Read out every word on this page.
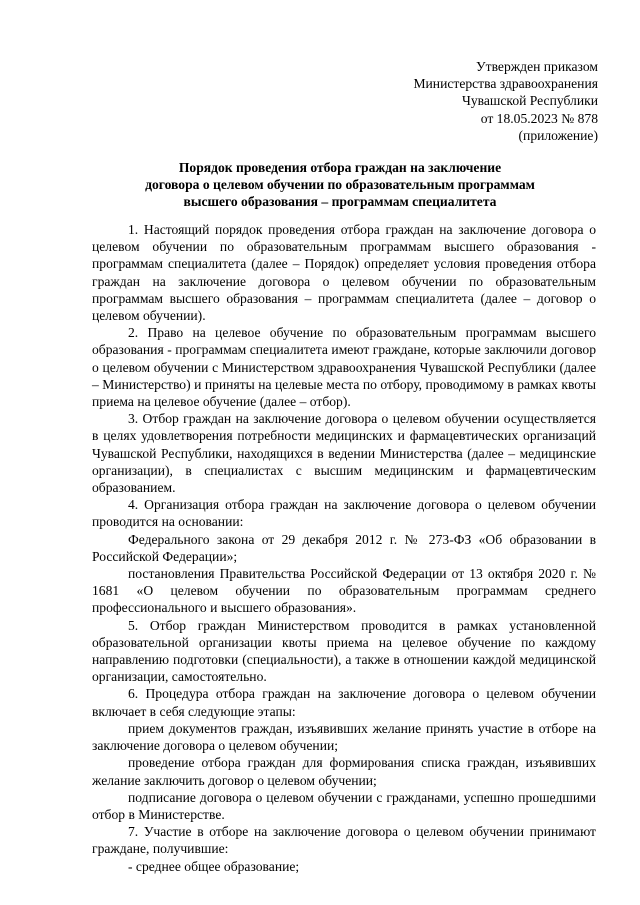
Утвержден приказом
Министерства здравоохранения
Чувашской Республики
от 18.05.2023 № 878
(приложение)
Порядок проведения отбора граждан на заключение
договора о целевом обучении по образовательным программам
высшего образования – программам специалитета

1. Настоящий порядок проведения отбора граждан на заключение договора о целевом обучении по образовательным программам высшего образования - программам специалитета (далее – Порядок) определяет условия проведения отбора граждан на заключение договора о целевом обучении по образовательным программам высшего образования – программам специалитета (далее – договор о целевом обучении).

2. Право на целевое обучение по образовательным программам высшего образования - программам специалитета имеют граждане, которые заключили договор о целевом обучении с Министерством здравоохранения Чувашской Республики (далее – Министерство) и приняты на целевые места по отбору, проводимому в рамках квоты приема на целевое обучение (далее – отбор).

3. Отбор граждан на заключение договора о целевом обучении осуществляется в целях удовлетворения потребности медицинских и фармацевтических организаций Чувашской Республики, находящихся в ведении Министерства (далее – медицинские организации), в специалистах с высшим медицинским и фармацевтическим образованием.

4. Организация отбора граждан на заключение договора о целевом обучении проводится на основании:

Федерального закона от 29 декабря 2012 г. № 273-ФЗ «Об образовании в Российской Федерации»;

постановления Правительства Российской Федерации от 13 октября 2020 г. № 1681 «О целевом обучении по образовательным программам среднего профессионального и высшего образования».

5. Отбор граждан Министерством проводится в рамках установленной образовательной организации квоты приема на целевое обучение по каждому направлению подготовки (специальности), а также в отношении каждой медицинской организации, самостоятельно.

6. Процедура отбора граждан на заключение договора о целевом обучении включает в себя следующие этапы:

прием документов граждан, изъявивших желание принять участие в отборе на заключение договора о целевом обучении;

проведение отбора граждан для формирования списка граждан, изъявивших желание заключить договор о целевом обучении;

подписание договора о целевом обучении с гражданами, успешно прошедшими отбор в Министерстве.

7. Участие в отборе на заключение договора о целевом обучении принимают граждане, получившие:

- среднее общее образование;
